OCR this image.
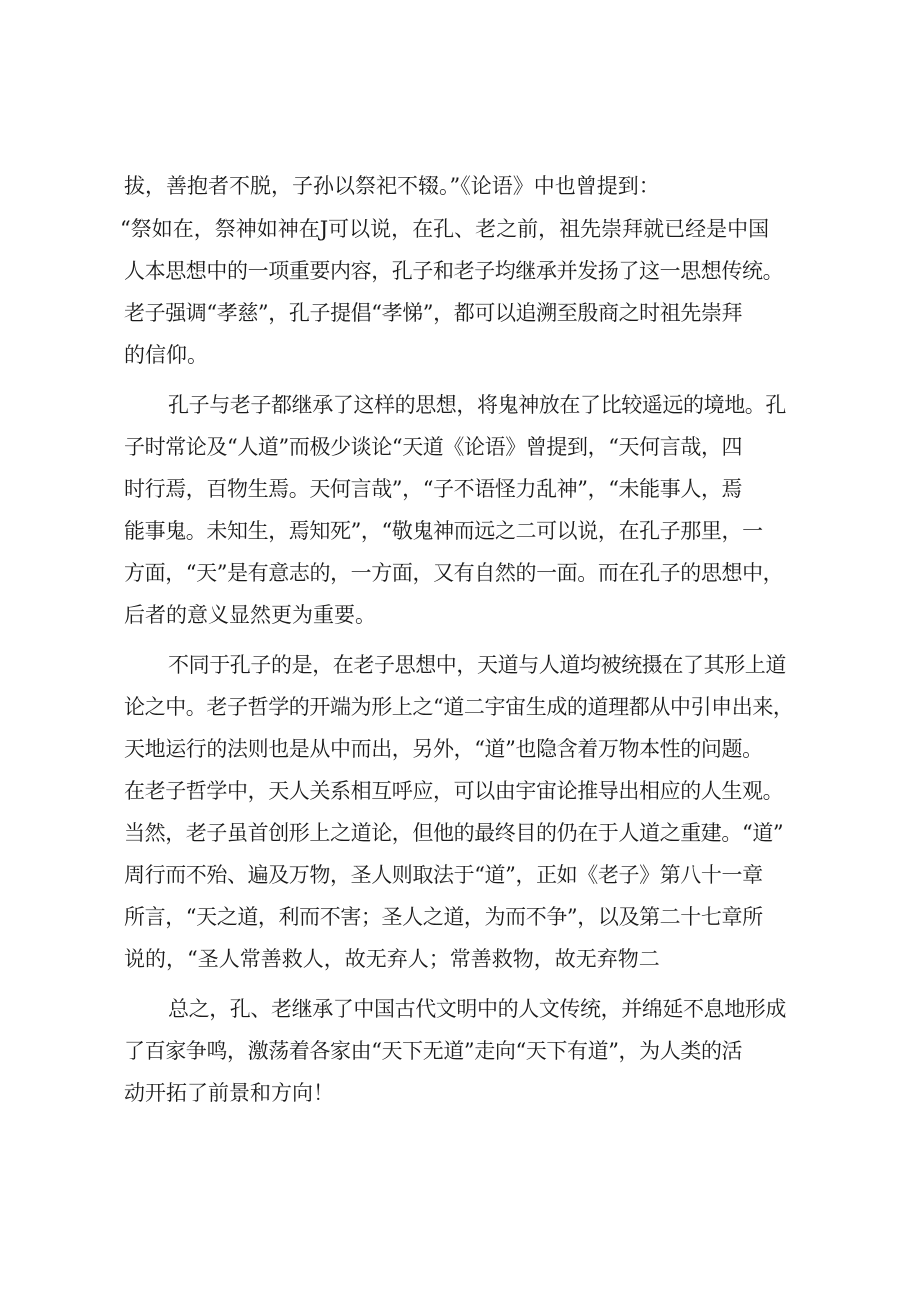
拔，善抱者不脱，子孙以祭祀不辍。”《论语》中也曾提到：
“祭如在，祭神如神在J可以说，在孔、老之前，祖先崇拜就已经是中国
人本思想中的一项重要内容，孔子和老子均继承并发扬了这一思想传统。
老子强调“孝慈”，孔子提倡“孝悌”，都可以追溯至殷商之时祖先崇拜
的信仰。
孔子与老子都继承了这样的思想，将鬼神放在了比较遥远的境地。孔
子时常论及“人道”而极少谈论“天道《论语》曾提到，“天何言哉，四
时行焉，百物生焉。天何言哉”，“子不语怪力乱神”，“未能事人，焉
能事鬼。未知生，焉知死”，“敬鬼神而远之二可以说，在孔子那里，一
方面，“天”是有意志的，一方面，又有自然的一面。而在孔子的思想中，
后者的意义显然更为重要。
不同于孔子的是，在老子思想中，天道与人道均被统摄在了其形上道
论之中。老子哲学的开端为形上之“道二宇宙生成的道理都从中引申出来，
天地运行的法则也是从中而出，另外，“道”也隐含着万物本性的问题。
在老子哲学中，天人关系相互呼应，可以由宇宙论推导出相应的人生观。
当然，老子虽首创形上之道论，但他的最终目的仍在于人道之重建。“道”
周行而不殆、遍及万物，圣人则取法于“道”，正如《老子》第八十一章
所言，“天之道，利而不害；圣人之道，为而不争”，以及第二十七章所
说的，“圣人常善救人，故无弃人；常善救物，故无弃物二
总之，孔、老继承了中国古代文明中的人文传统，并绵延不息地形成
了百家争鸣，激荡着各家由“天下无道”走向“天下有道”，为人类的活
动开拓了前景和方向！
